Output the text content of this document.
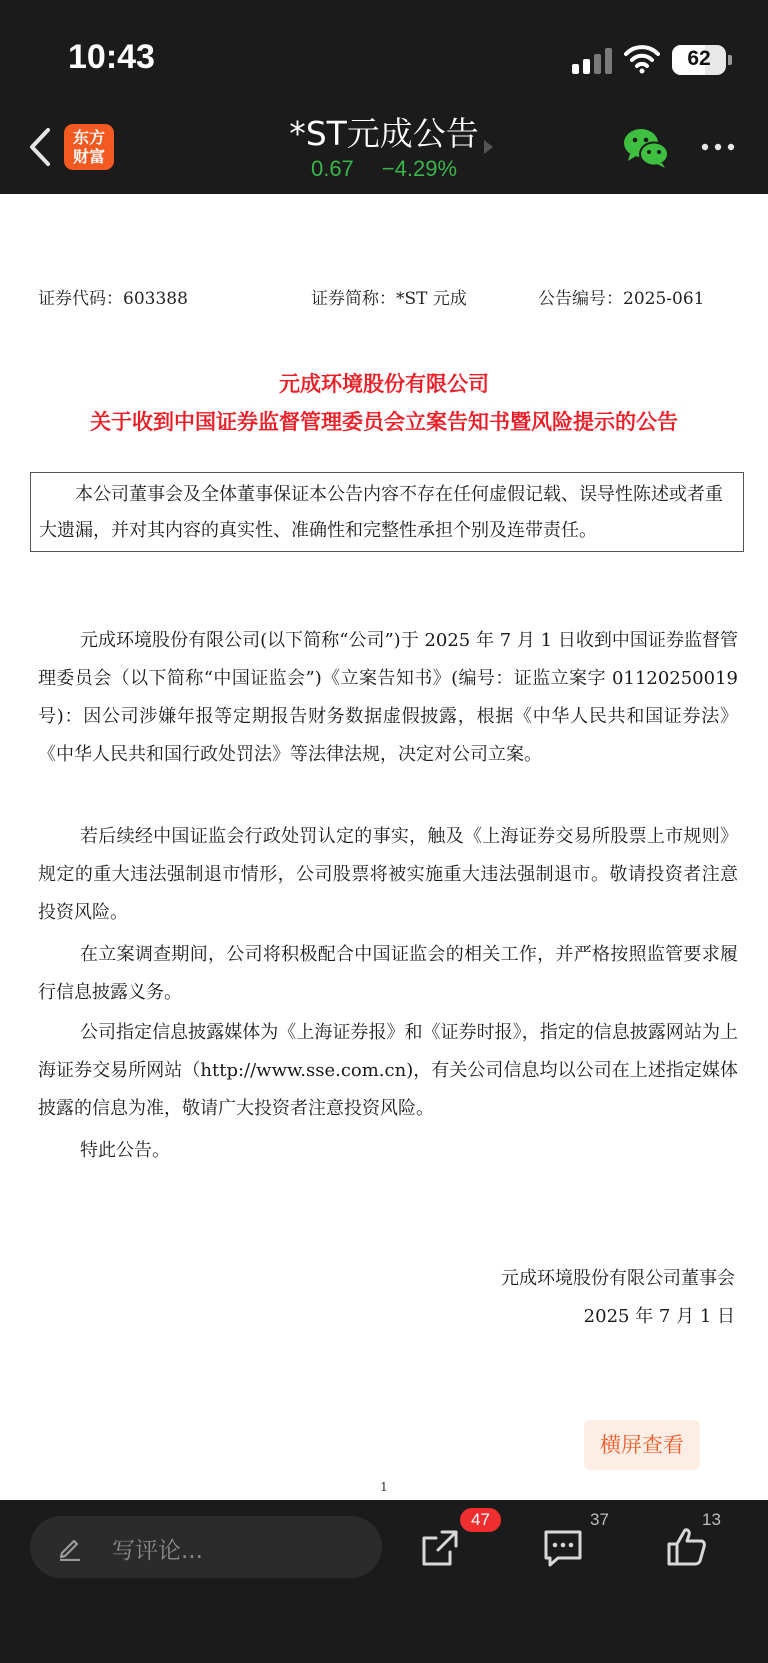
10:43	62
东方
财富
*ST元成公告
0.67 −4.29%
证券代码：603388	证券简称：*ST 元成	公告编号：2025-061
元成环境股份有限公司
关于收到中国证券监督管理委员会立案告知书暨风险提示的公告
本公司董事会及全体董事保证本公告内容不存在任何虚假记载、误导性陈述或者重大遗漏，并对其内容的真实性、准确性和完整性承担个别及连带责任。
元成环境股份有限公司(以下简称“公司”)于 2025 年 7 月 1 日收到中国证券监督管理委员会（以下简称“中国证监会”)《立案告知书》(编号：证监立案字 01120250019 号)：因公司涉嫌年报等定期报告财务数据虚假披露，根据《中华人民共和国证券法》《中华人民共和国行政处罚法》等法律法规，决定对公司立案。
若后续经中国证监会行政处罚认定的事实，触及《上海证券交易所股票上市规则》规定的重大违法强制退市情形，公司股票将被实施重大违法强制退市。敬请投资者注意投资风险。
在立案调查期间，公司将积极配合中国证监会的相关工作，并严格按照监管要求履行信息披露义务。
公司指定信息披露媒体为《上海证券报》和《证券时报》，指定的信息披露网站为上海证券交易所网站（http://www.sse.com.cn)，有关公司信息均以公司在上述指定媒体披露的信息为准，敬请广大投资者注意投资风险。
特此公告。
元成环境股份有限公司董事会
2025 年 7 月 1 日
横屏查看
1
写评论...
47	37	13
